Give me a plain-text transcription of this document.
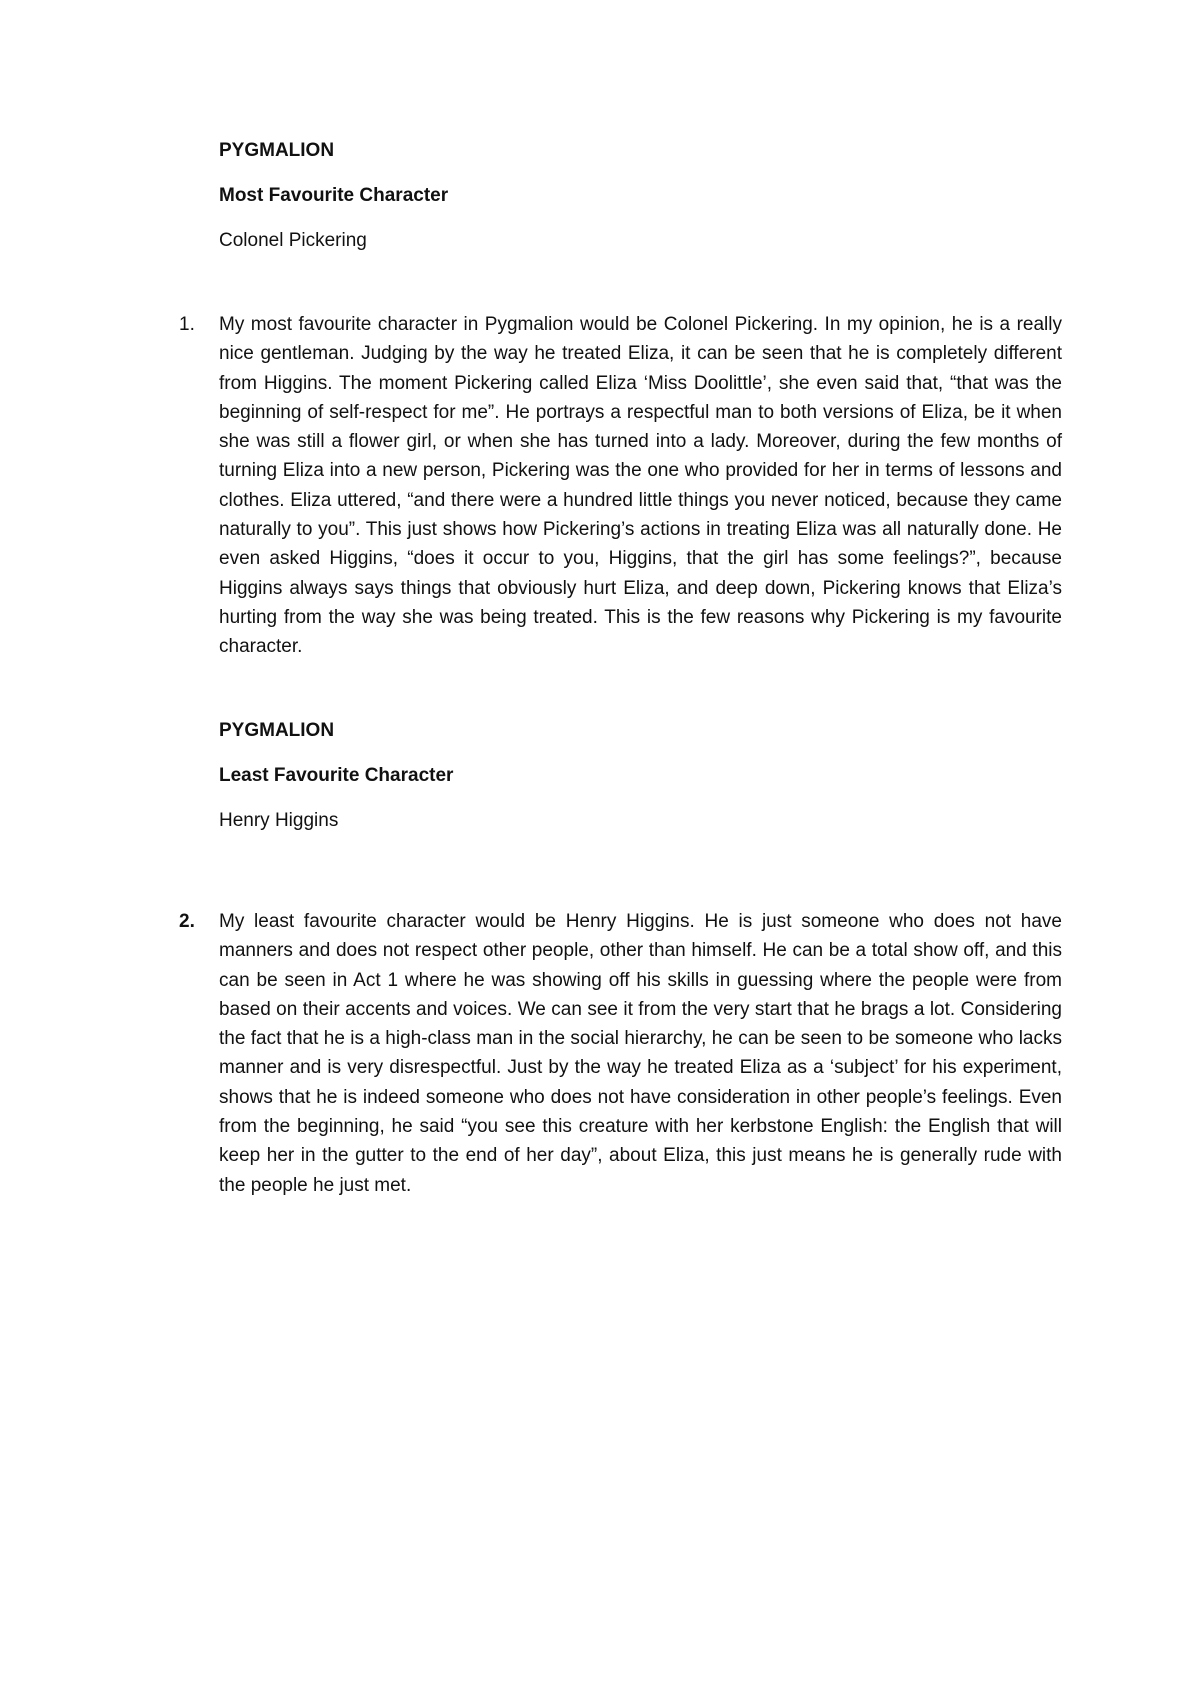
PYGMALION

Most Favourite Character

Colonel Pickering

1.	My most favourite character in Pygmalion would be Colonel Pickering. In my opinion, he is a really nice gentleman. Judging by the way he treated Eliza, it can be seen that he is completely different from Higgins. The moment Pickering called Eliza ‘Miss Doolittle’, she even said that, “that was the beginning of self-respect for me”. He portrays a respectful man to both versions of Eliza, be it when she was still a flower girl, or when she has turned into a lady. Moreover, during the few months of turning Eliza into a new person, Pickering was the one who provided for her in terms of lessons and clothes. Eliza uttered, “and there were a hundred little things you never noticed, because they came naturally to you”. This just shows how Pickering’s actions in treating Eliza was all naturally done. He even asked Higgins, “does it occur to you, Higgins, that the girl has some feelings?”, because Higgins always says things that obviously hurt Eliza, and deep down, Pickering knows that Eliza’s hurting from the way she was being treated. This is the few reasons why Pickering is my favourite character.

PYGMALION

Least Favourite Character

Henry Higgins

2.	My least favourite character would be Henry Higgins. He is just someone who does not have manners and does not respect other people, other than himself. He can be a total show off, and this can be seen in Act 1 where he was showing off his skills in guessing where the people were from based on their accents and voices. We can see it from the very start that he brags a lot. Considering the fact that he is a high-class man in the social hierarchy, he can be seen to be someone who lacks manner and is very disrespectful. Just by the way he treated Eliza as a ‘subject’ for his experiment, shows that he is indeed someone who does not have consideration in other people’s feelings. Even from the beginning, he said “you see this creature with her kerbstone English: the English that will keep her in the gutter to the end of her day”, about Eliza, this just means he is generally rude with the people he just met.
